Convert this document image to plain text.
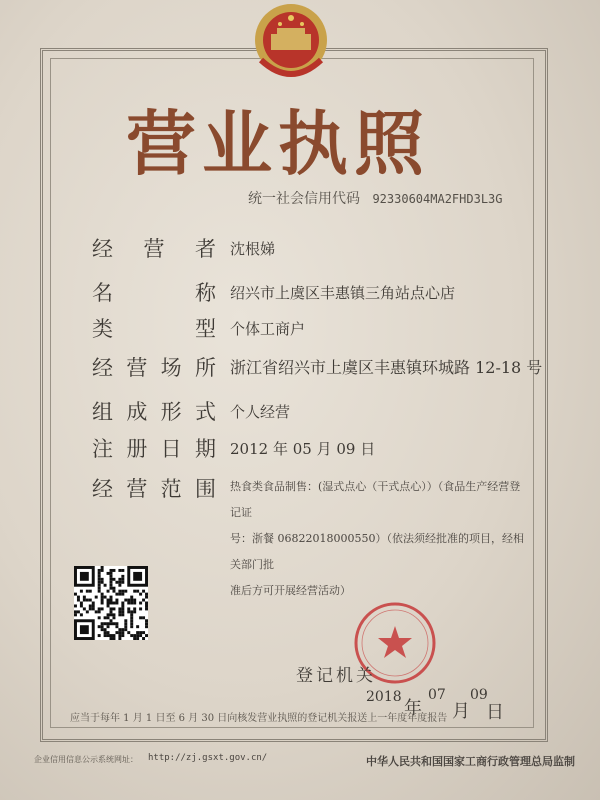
营业执照
统一社会信用代码 92330604MA2FHD3L3G
经营者 沈根娣
名称 绍兴市上虞区丰惠镇三角站点心店
类型 个体工商户
经营场所 浙江省绍兴市上虞区丰惠镇环城路 12-18 号
组成形式 个人经营
注册日期 2012 年 05 月 09 日
经营范围 热食类食品制售：(湿式点心（干式点心））（食品生产经营登记证
号：浙餐 06822018000550）（依法须经批准的项目，经相关部门批
准后方可开展经营活动）
登记机关
2018
年
07
月
09
日
应当于每年 1 月 1 日至 6 月 30 日向核发营业执照的登记机关报送上一年度年度报告
企业信用信息公示系统网址：	http://zj.gsxt.gov.cn/	中华人民共和国国家工商行政管理总局监制
